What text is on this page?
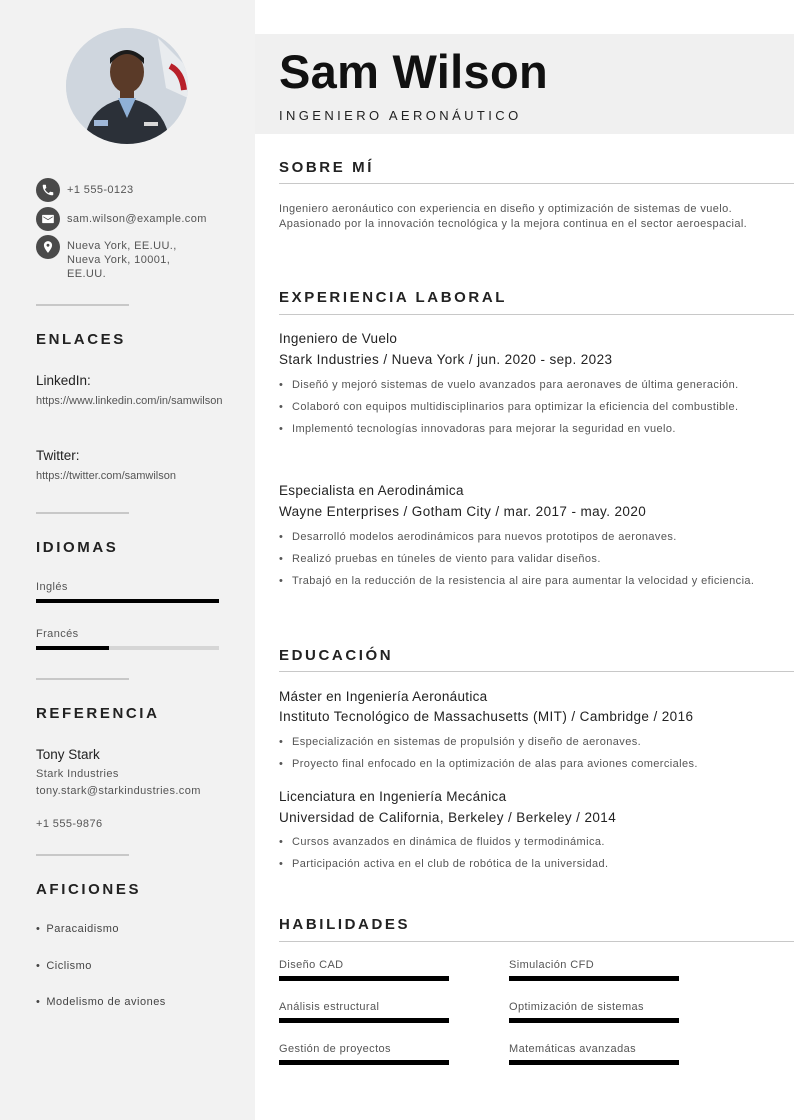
+1 555-0123
sam.wilson@example.com
Nueva York, EE.UU.,
Nueva York, 10001,
EE.UU.
ENLACES
LinkedIn:
https://www.linkedin.com/in/samwilson
Twitter:
https://twitter.com/samwilson
IDIOMAS
Inglés
Francés
REFERENCIA
Tony Stark
Stark Industries
tony.stark@starkindustries.com
+1 555-9876
AFICIONES
• Paracaidismo
• Ciclismo
• Modelismo de aviones
Sam Wilson
INGENIERO AERONÁUTICO
SOBRE MÍ
Ingeniero aeronáutico con experiencia en diseño y optimización de sistemas de vuelo. Apasionado por la innovación tecnológica y la mejora continua en el sector aeroespacial.
EXPERIENCIA LABORAL
Ingeniero de Vuelo
Stark Industries / Nueva York / jun. 2020 - sep. 2023
• Diseñó y mejoró sistemas de vuelo avanzados para aeronaves de última generación.
• Colaboró con equipos multidisciplinarios para optimizar la eficiencia del combustible.
• Implementó tecnologías innovadoras para mejorar la seguridad en vuelo.
Especialista en Aerodinámica
Wayne Enterprises / Gotham City / mar. 2017 - may. 2020
• Desarrolló modelos aerodinámicos para nuevos prototipos de aeronaves.
• Realizó pruebas en túneles de viento para validar diseños.
• Trabajó en la reducción de la resistencia al aire para aumentar la velocidad y eficiencia.
EDUCACIÓN
Máster en Ingeniería Aeronáutica
Instituto Tecnológico de Massachusetts (MIT) / Cambridge / 2016
• Especialización en sistemas de propulsión y diseño de aeronaves.
• Proyecto final enfocado en la optimización de alas para aviones comerciales.
Licenciatura en Ingeniería Mecánica
Universidad de California, Berkeley / Berkeley / 2014
• Cursos avanzados en dinámica de fluidos y termodinámica.
• Participación activa en el club de robótica de la universidad.
HABILIDADES
Diseño CAD	Simulación CFD
Análisis estructural	Optimización de sistemas
Gestión de proyectos	Matemáticas avanzadas
